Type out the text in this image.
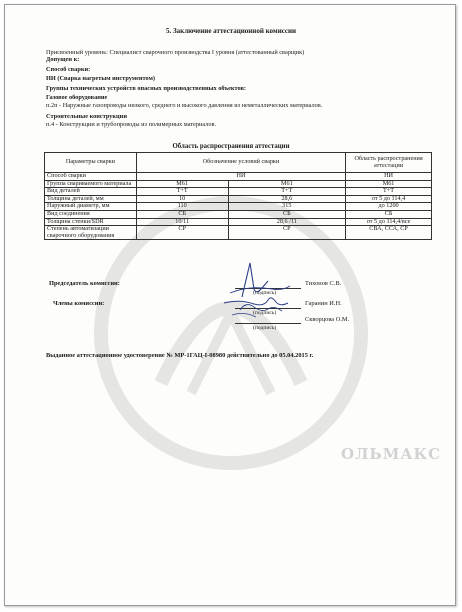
5. Заключение аттестационной комиссии
Присвоенный уровень: Специалист сварочного производства I уровня (аттестованный сварщик)
Допущен к:
Способ сварки:
НИ (Сварка нагретым инструментом)
Группы технических устройств опасных производственных объектов:
Газовое оборудование
п.2п - Наружные газопроводы низкого, среднего и высокого давления из неметаллических материалов.
Строительные конструкции
п.4 - Конструкции и трубопроводы из полимерных материалов.
Область распространения аттестации
Параметры сварки	Обозначение условий сварки		Область распространения аттестации
Способ сварки	НИ		НИ
Группа свариваемого материала	M61	M61	M61
Вид деталей	Т+Т	Т+Т	Т+Т
Толщина деталей, мм	10	28,6	от 5 до 114,4
Наружный диаметр, мм	110	315	до 1200
Вид соединения	СБ	СБ	СБ
Толщина стенки/SDR	10/11	28,6 /11	от 5 до 114,4/все
Степень автоматизации сварочного оборудования	СР	СР	СВА, ССА, СР
Председатель комиссии:	Тихонов С.В.
(подпись)
Члены комиссии:	Гаранин И.Н.
(подпись)
Скворцова О.М.
(подпись)
Выданное аттестационное удостоверение № МР-1ГАЦ-I-08980 действительно до 05.04.2015 г.
ОЛЬМАКС
